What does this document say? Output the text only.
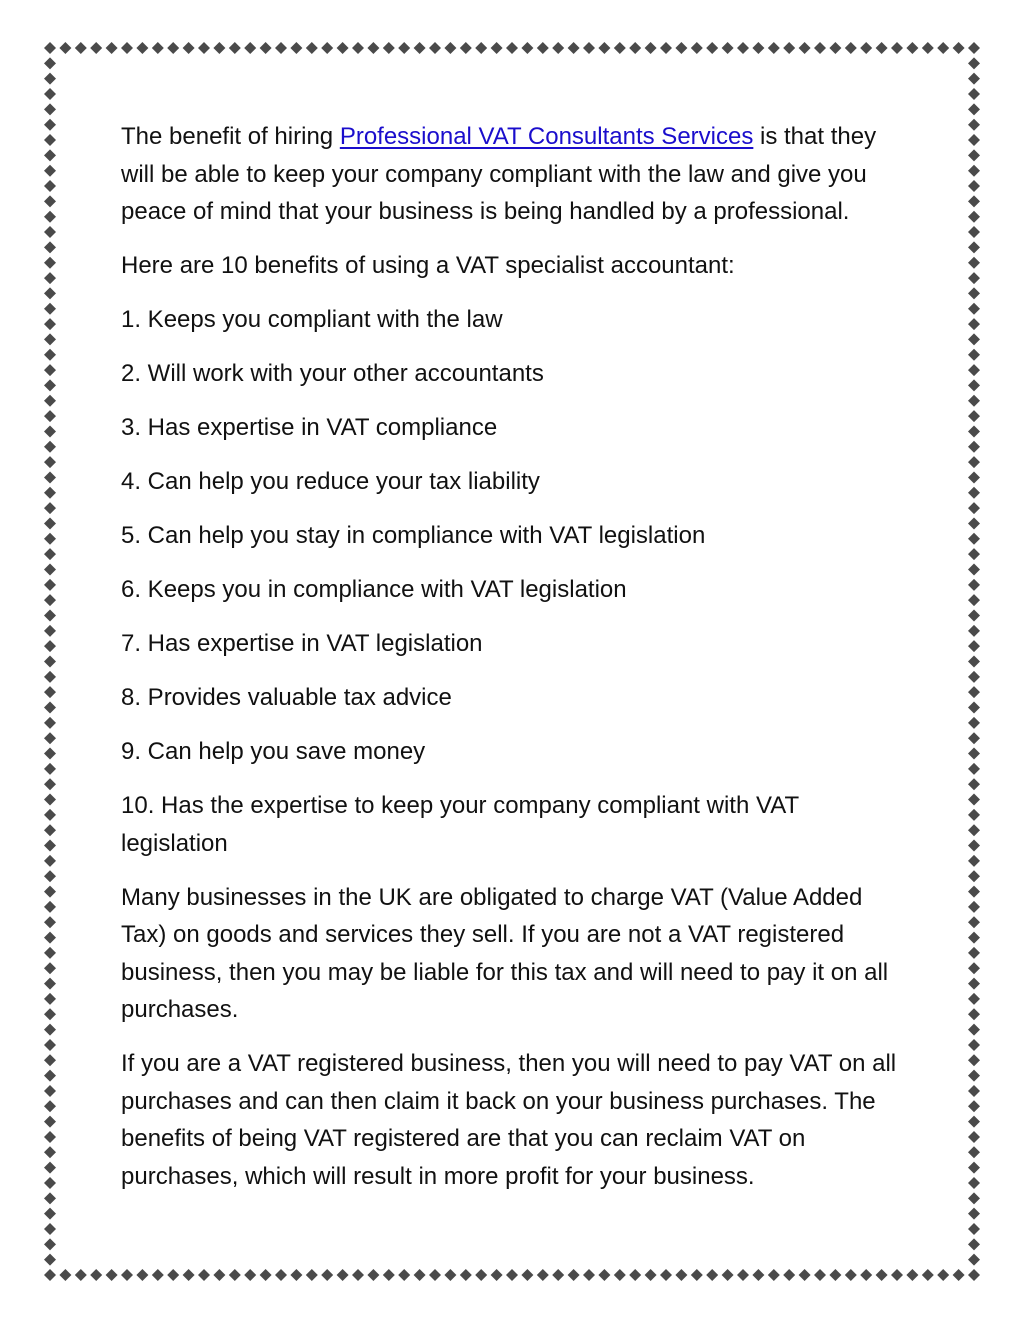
The benefit of hiring Professional VAT Consultants Services is that they will be able to keep your company compliant with the law and give you peace of mind that your business is being handled by a professional.

Here are 10 benefits of using a VAT specialist accountant:

1. Keeps you compliant with the law

2. Will work with your other accountants

3. Has expertise in VAT compliance

4. Can help you reduce your tax liability

5. Can help you stay in compliance with VAT legislation

6. Keeps you in compliance with VAT legislation

7. Has expertise in VAT legislation

8. Provides valuable tax advice

9. Can help you save money

10. Has the expertise to keep your company compliant with VAT legislation

Many businesses in the UK are obligated to charge VAT (Value Added Tax) on goods and services they sell. If you are not a VAT registered business, then you may be liable for this tax and will need to pay it on all purchases.

If you are a VAT registered business, then you will need to pay VAT on all purchases and can then claim it back on your business purchases. The benefits of being VAT registered are that you can reclaim VAT on purchases, which will result in more profit for your business.
